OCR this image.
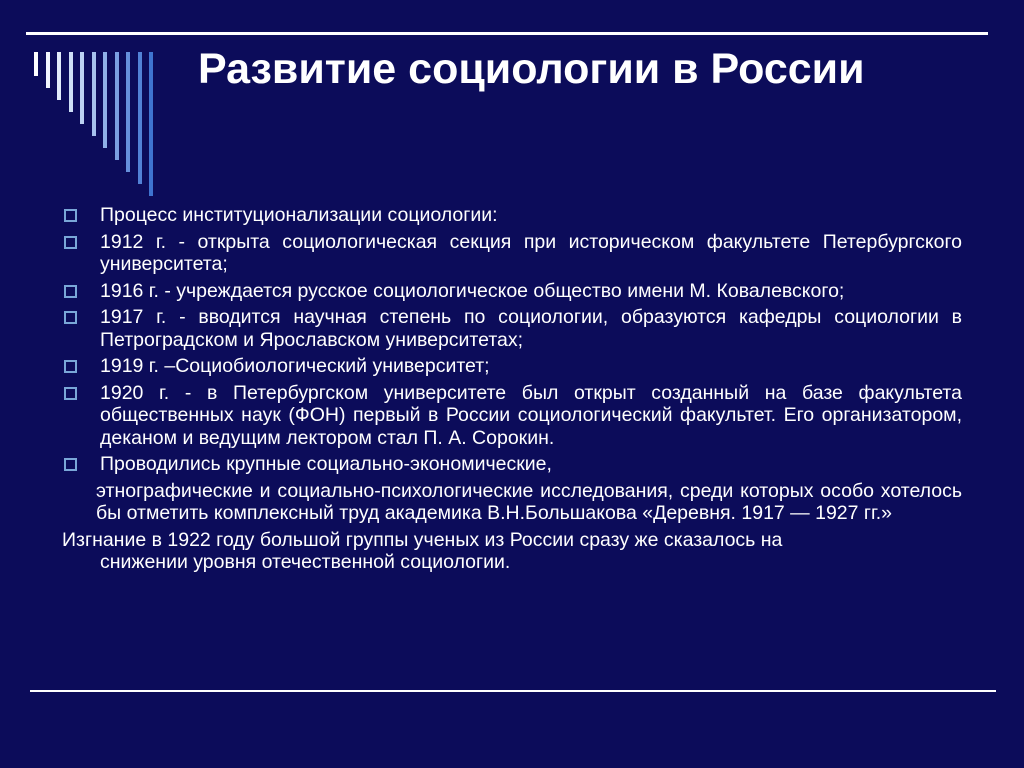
Развитие социологии в России
Процесс институционализации социологии:
1912 г. - открыта социологическая секция при историческом факультете Петербургского университета;
1916 г. - учреждается русское социологическое общество имени М. Ковалевского;
1917 г. - вводится научная степень по социологии, образуются кафедры социологии в Петроградском и Ярославском университетах;
1919 г. –Социобиологический университет;
1920 г. - в Петербургском университете был открыт созданный на базе факультета общественных наук (ФОН) первый в России социологический факультет. Его организатором, деканом и ведущим лектором стал П. А. Сорокин.
Проводились крупные социально-экономические,
этнографические и социально-психологические исследования, среди которых особо хотелось бы отметить комплексный труд академика В.Н.Большакова «Деревня. 1917 — 1927 гг.»
Изгнание в 1922 году большой группы ученых из России сразу же сказалось на
снижении уровня отечественной социологии.
